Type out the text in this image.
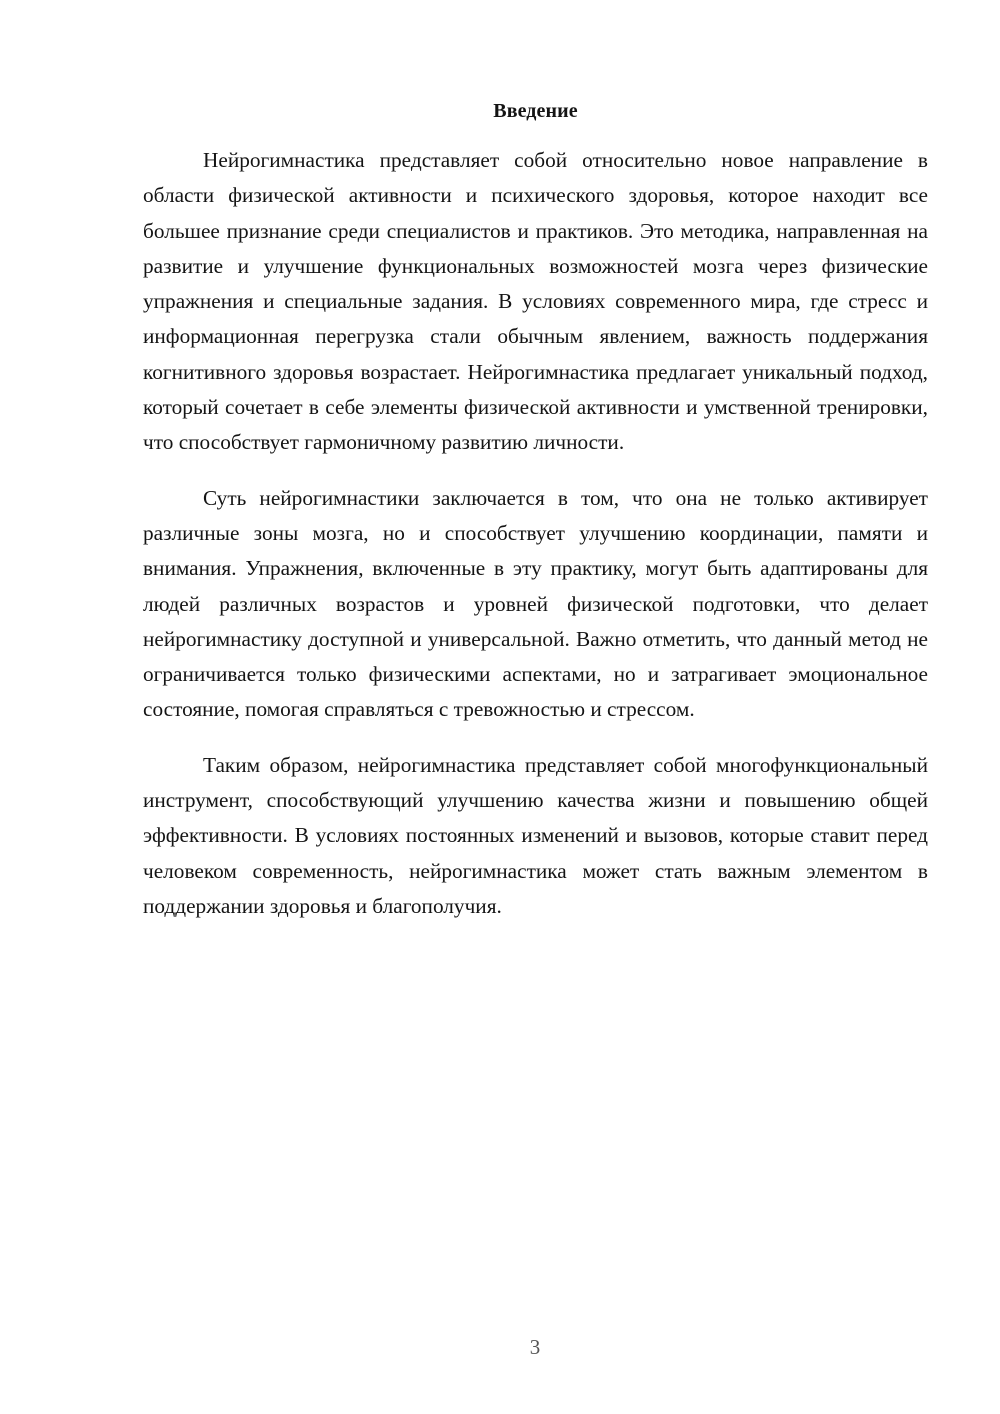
Введение

Нейрогимнастика представляет собой относительно новое направление в области физической активности и психического здоровья, которое находит все большее признание среди специалистов и практиков. Это методика, направленная на развитие и улучшение функциональных возможностей мозга через физические упражнения и специальные задания. В условиях современного мира, где стресс и информационная перегрузка стали обычным явлением, важность поддержания когнитивного здоровья возрастает. Нейрогимнастика предлагает уникальный подход, который сочетает в себе элементы физической активности и умственной тренировки, что способствует гармоничному развитию личности.

Суть нейрогимнастики заключается в том, что она не только активирует различные зоны мозга, но и способствует улучшению координации, памяти и внимания. Упражнения, включенные в эту практику, могут быть адаптированы для людей различных возрастов и уровней физической подготовки, что делает нейрогимнастику доступной и универсальной. Важно отметить, что данный метод не ограничивается только физическими аспектами, но и затрагивает эмоциональное состояние, помогая справляться с тревожностью и стрессом.

Таким образом, нейрогимнастика представляет собой многофункциональный инструмент, способствующий улучшению качества жизни и повышению общей эффективности. В условиях постоянных изменений и вызовов, которые ставит перед человеком современность, нейрогимнастика может стать важным элементом в поддержании здоровья и благополучия.

3
